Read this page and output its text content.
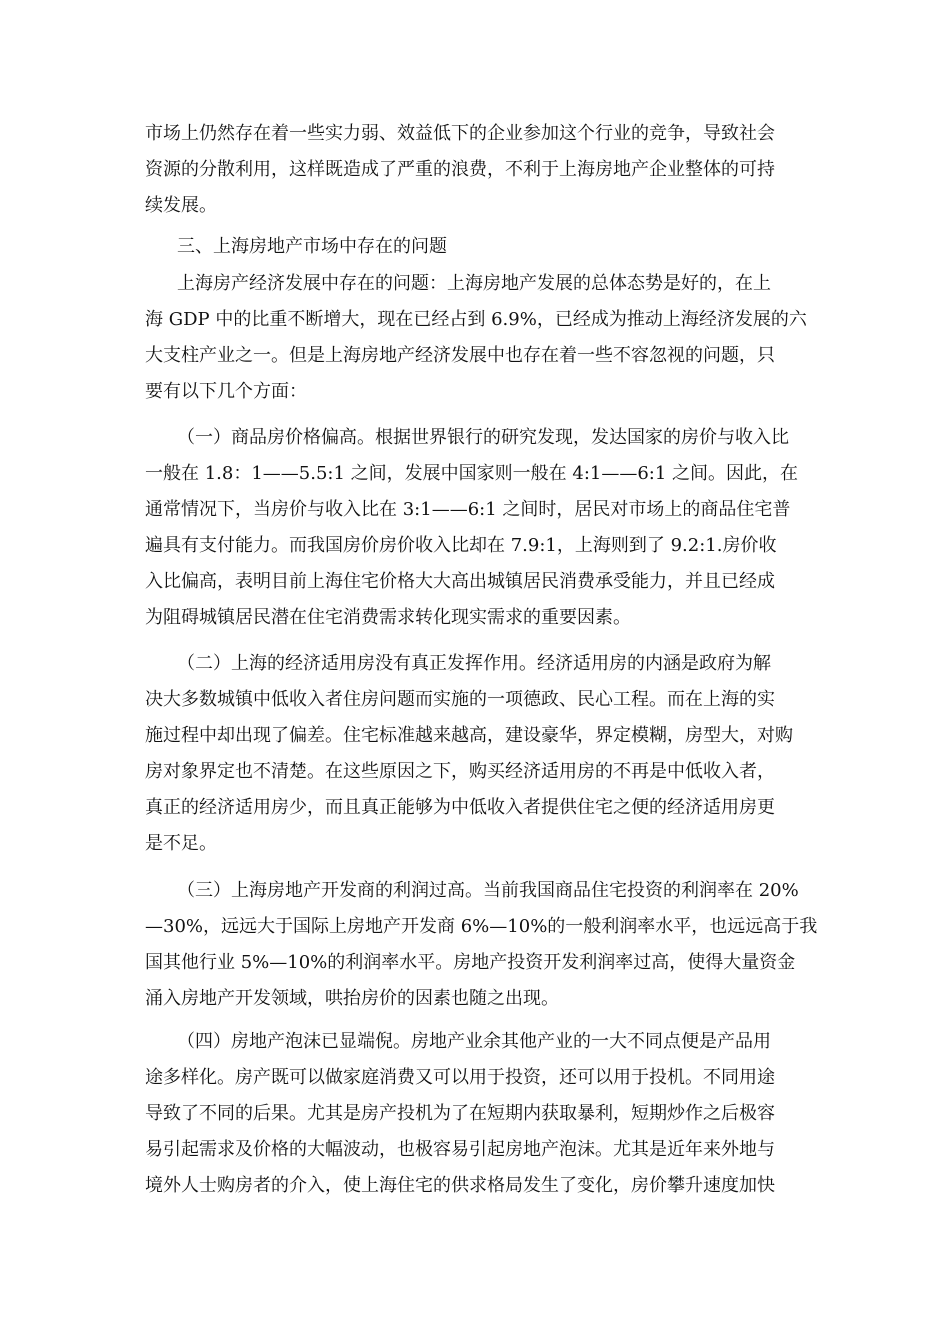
市场上仍然存在着一些实力弱、效益低下的企业参加这个行业的竞争，导致社会
资源的分散利用，这样既造成了严重的浪费，不利于上海房地产企业整体的可持
续发展。
三、上海房地产市场中存在的问题
上海房产经济发展中存在的问题：上海房地产发展的总体态势是好的，在上
海 GDP 中的比重不断增大，现在已经占到 6.9%，已经成为推动上海经济发展的六
大支柱产业之一。但是上海房地产经济发展中也存在着一些不容忽视的问题，只
要有以下几个方面：
（一）商品房价格偏高。根据世界银行的研究发现，发达国家的房价与收入比
一般在 1.8：1——5.5:1 之间，发展中国家则一般在 4:1——6:1 之间。因此，在
通常情况下，当房价与收入比在 3:1——6:1 之间时，居民对市场上的商品住宅普
遍具有支付能力。而我国房价房价收入比却在 7.9:1，上海则到了 9.2:1.房价收
入比偏高，表明目前上海住宅价格大大高出城镇居民消费承受能力，并且已经成
为阻碍城镇居民潜在住宅消费需求转化现实需求的重要因素。
（二）上海的经济适用房没有真正发挥作用。经济适用房的内涵是政府为解
决大多数城镇中低收入者住房问题而实施的一项德政、民心工程。而在上海的实
施过程中却出现了偏差。住宅标准越来越高，建设豪华，界定模糊，房型大，对购
房对象界定也不清楚。在这些原因之下，购买经济适用房的不再是中低收入者，
真正的经济适用房少，而且真正能够为中低收入者提供住宅之便的经济适用房更
是不足。
（三）上海房地产开发商的利润过高。当前我国商品住宅投资的利润率在 20%
—30%，远远大于国际上房地产开发商 6%—10%的一般利润率水平，也远远高于我
国其他行业 5%—10%的利润率水平。房地产投资开发利润率过高，使得大量资金
涌入房地产开发领域，哄抬房价的因素也随之出现。
（四）房地产泡沫已显端倪。房地产业余其他产业的一大不同点便是产品用
途多样化。房产既可以做家庭消费又可以用于投资，还可以用于投机。不同用途
导致了不同的后果。尤其是房产投机为了在短期内获取暴利，短期炒作之后极容
易引起需求及价格的大幅波动，也极容易引起房地产泡沫。尤其是近年来外地与
境外人士购房者的介入，使上海住宅的供求格局发生了变化，房价攀升速度加快
